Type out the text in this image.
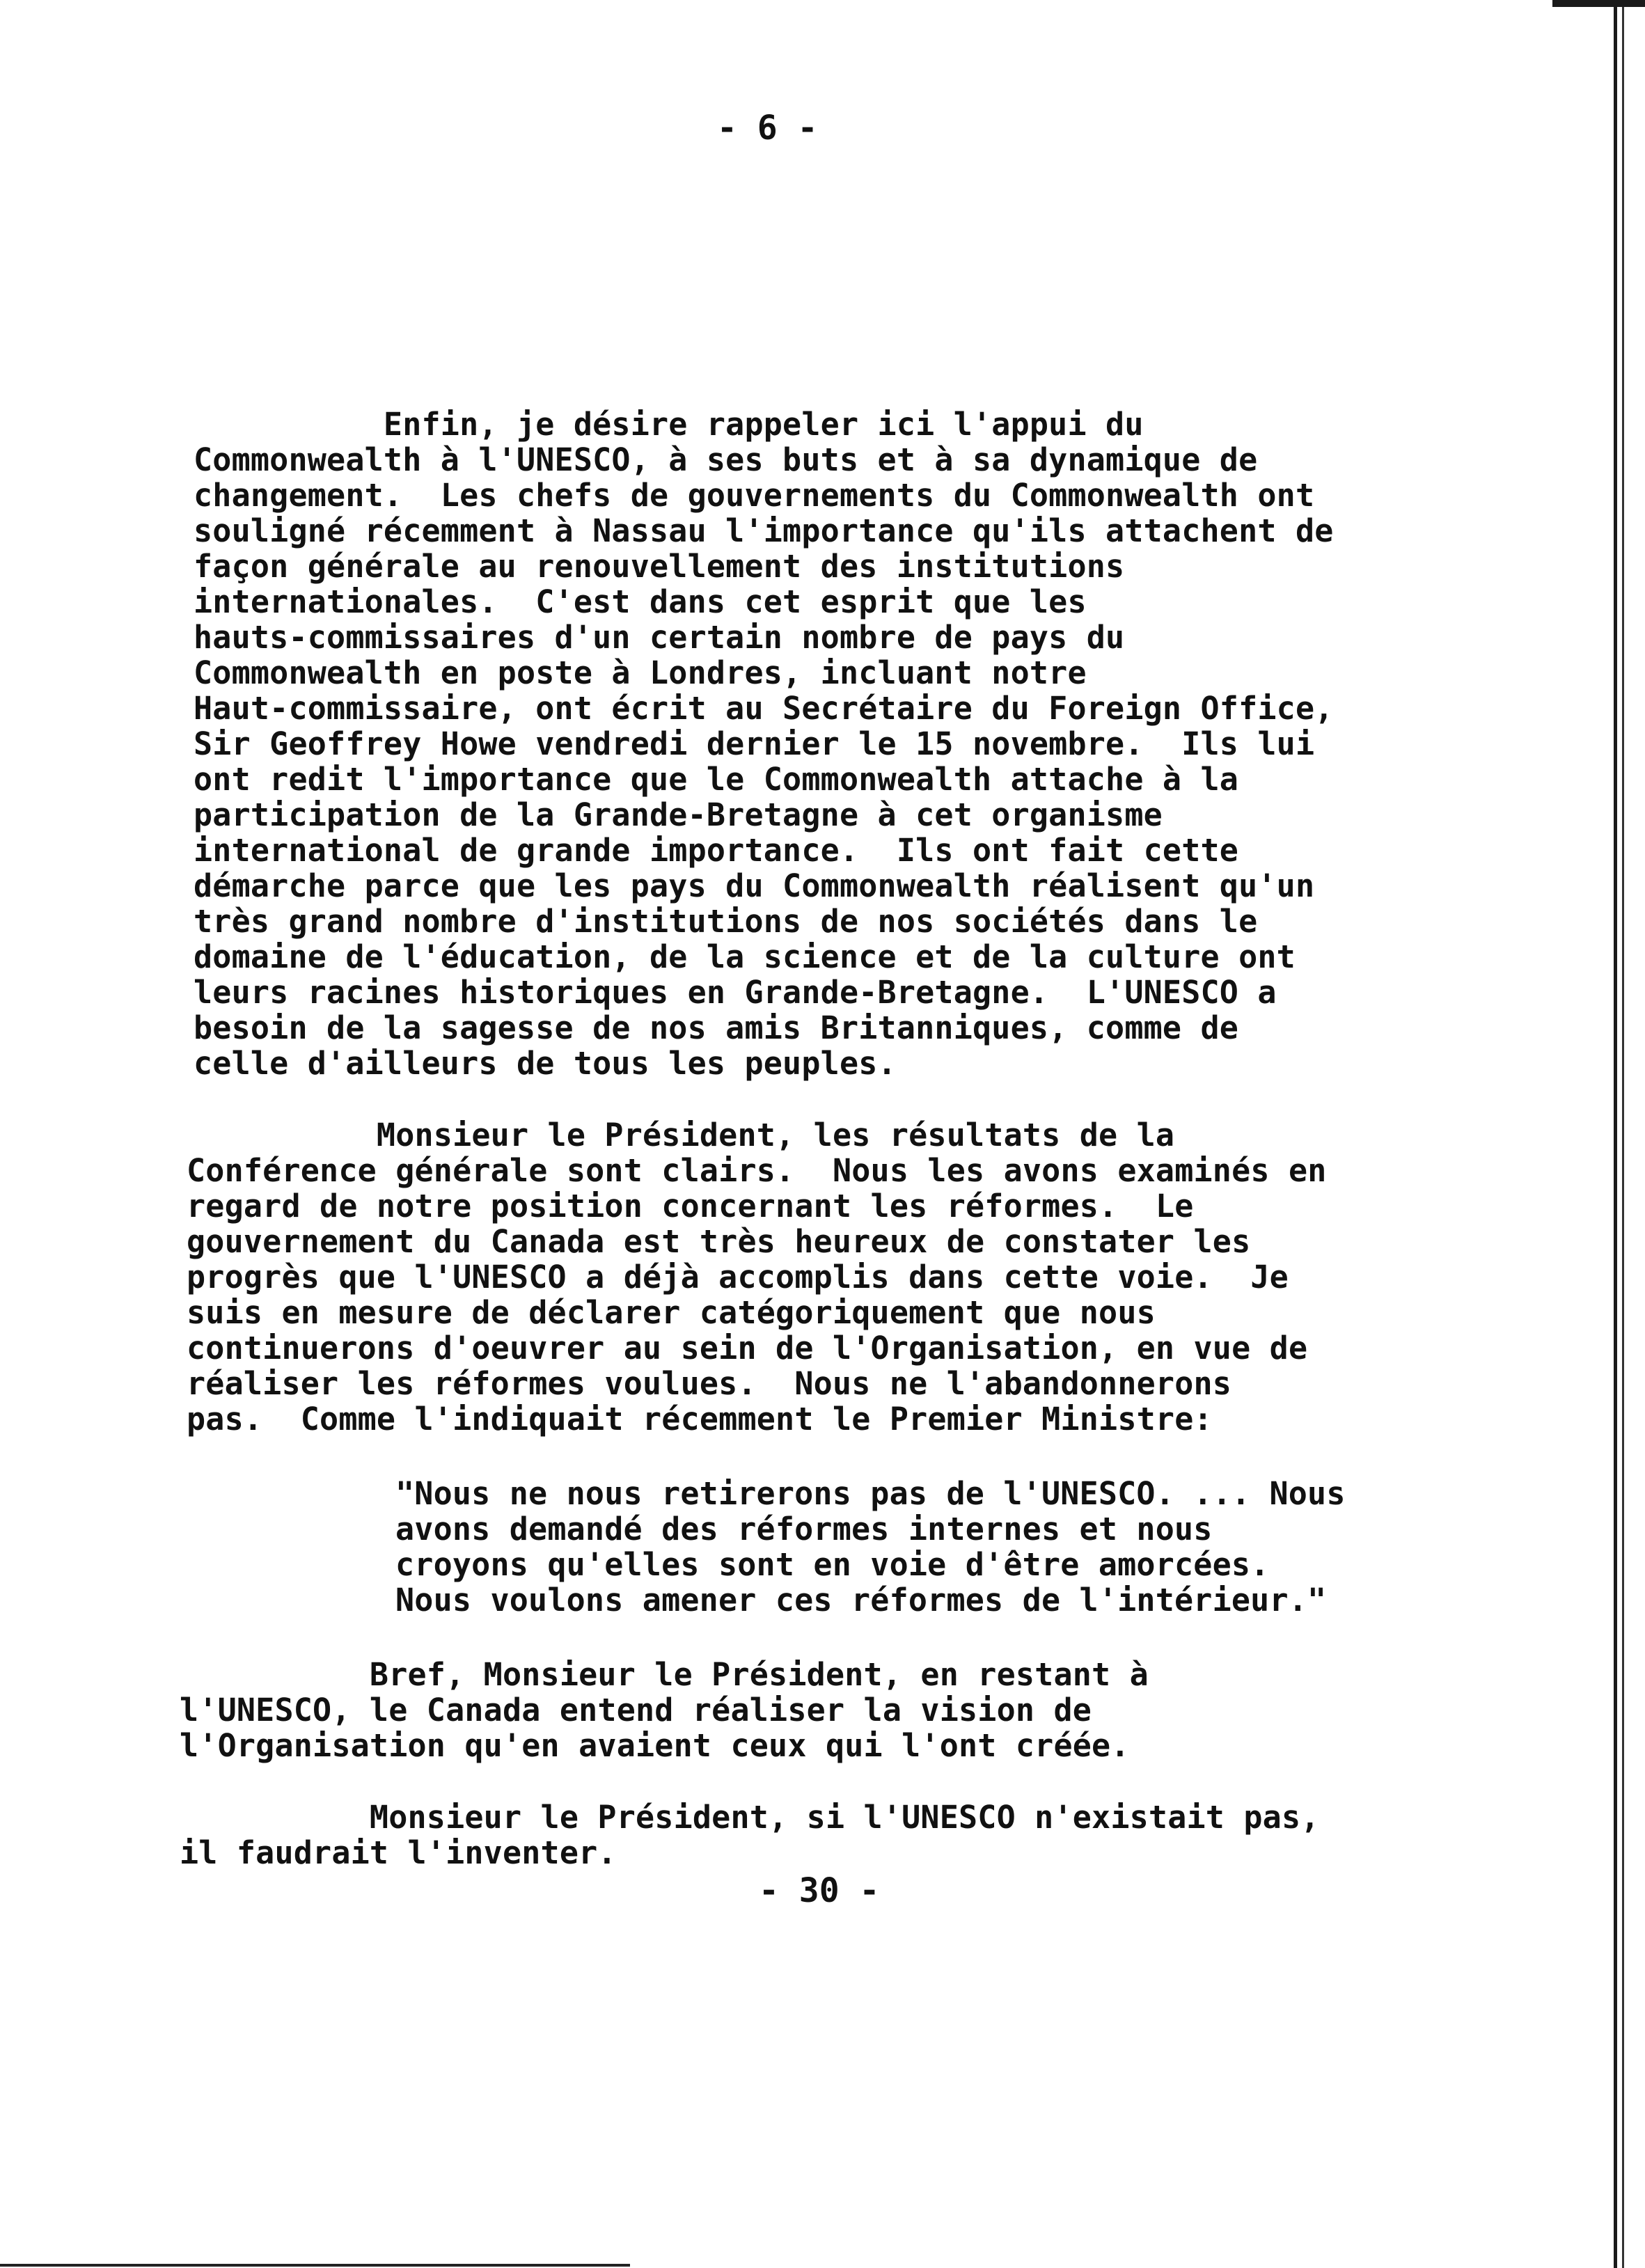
- 6 -

Enfin, je désire rappeler ici l'appui du
Commonwealth à l'UNESCO, à ses buts et à sa dynamique de
changement.  Les chefs de gouvernements du Commonwealth ont
souligné récemment à Nassau l'importance qu'ils attachent de
façon générale au renouvellement des institutions
internationales.  C'est dans cet esprit que les
hauts-commissaires d'un certain nombre de pays du
Commonwealth en poste à Londres, incluant notre
Haut-commissaire, ont écrit au Secrétaire du Foreign Office,
Sir Geoffrey Howe vendredi dernier le 15 novembre.  Ils lui
ont redit l'importance que le Commonwealth attache à la
participation de la Grande-Bretagne à cet organisme
international de grande importance.  Ils ont fait cette
démarche parce que les pays du Commonwealth réalisent qu'un
très grand nombre d'institutions de nos sociétés dans le
domaine de l'éducation, de la science et de la culture ont
leurs racines historiques en Grande-Bretagne.  L'UNESCO a
besoin de la sagesse de nos amis Britanniques, comme de
celle d'ailleurs de tous les peuples.

Monsieur le Président, les résultats de la
Conférence générale sont clairs.  Nous les avons examinés en
regard de notre position concernant les réformes.  Le
gouvernement du Canada est très heureux de constater les
progrès que l'UNESCO a déjà accomplis dans cette voie.  Je
suis en mesure de déclarer catégoriquement que nous
continuerons d'oeuvrer au sein de l'Organisation, en vue de
réaliser les réformes voulues.  Nous ne l'abandonnerons
pas.  Comme l'indiquait récemment le Premier Ministre:

"Nous ne nous retirerons pas de l'UNESCO. ... Nous
avons demandé des réformes internes et nous
croyons qu'elles sont en voie d'être amorcées.
Nous voulons amener ces réformes de l'intérieur."

Bref, Monsieur le Président, en restant à
l'UNESCO, le Canada entend réaliser la vision de
l'Organisation qu'en avaient ceux qui l'ont créée.

Monsieur le Président, si l'UNESCO n'existait pas,
il faudrait l'inventer.

- 30 -
